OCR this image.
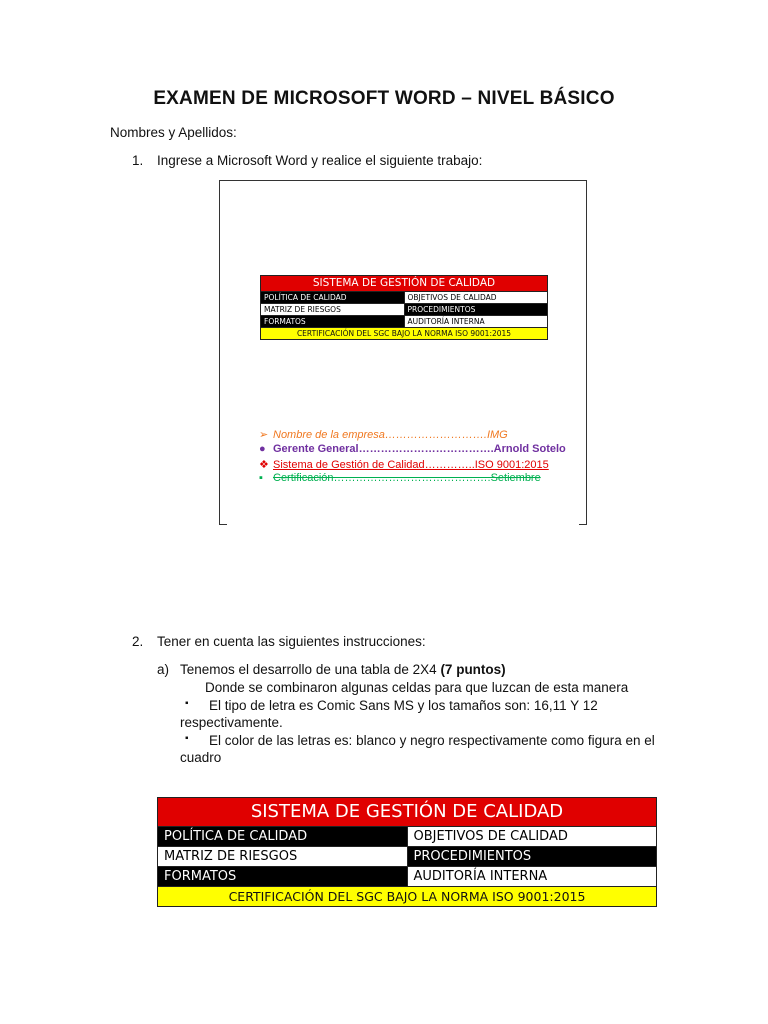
EXAMEN DE MICROSOFT WORD – NIVEL BÁSICO
Nombres y Apellidos:
1. Ingrese a Microsoft Word y realice el siguiente trabajo:
SISTEMA DE GESTIÓN DE CALIDAD
POLÍTICA DE CALIDAD	OBJETIVOS DE CALIDAD
MATRIZ DE RIESGOS	PROCEDIMIENTOS
FORMATOS	AUDITORÍA INTERNA
CERTIFICACIÓN DEL SGC BAJO LA NORMA ISO 9001:2015
➢ Nombre de la empresa……………………….IMG
● Gerente General……………………………….Arnold Sotelo
❖ Sistema de Gestión de Calidad…………..ISO 9001:2015
▪ Certificación…………………………………….Setiembre
2. Tener en cuenta las siguientes instrucciones:
a) Tenemos el desarrollo de una tabla de 2X4 (7 puntos)
Donde se combinaron algunas celdas para que luzcan de esta manera
▪ El tipo de letra es Comic Sans MS y los tamaños son: 16,11 Y 12
respectivamente.
▪ El color de las letras es: blanco y negro respectivamente como figura en el
cuadro
SISTEMA DE GESTIÓN DE CALIDAD
POLÍTICA DE CALIDAD	OBJETIVOS DE CALIDAD
MATRIZ DE RIESGOS	PROCEDIMIENTOS
FORMATOS	AUDITORÍA INTERNA
CERTIFICACIÓN DEL SGC BAJO LA NORMA ISO 9001:2015
